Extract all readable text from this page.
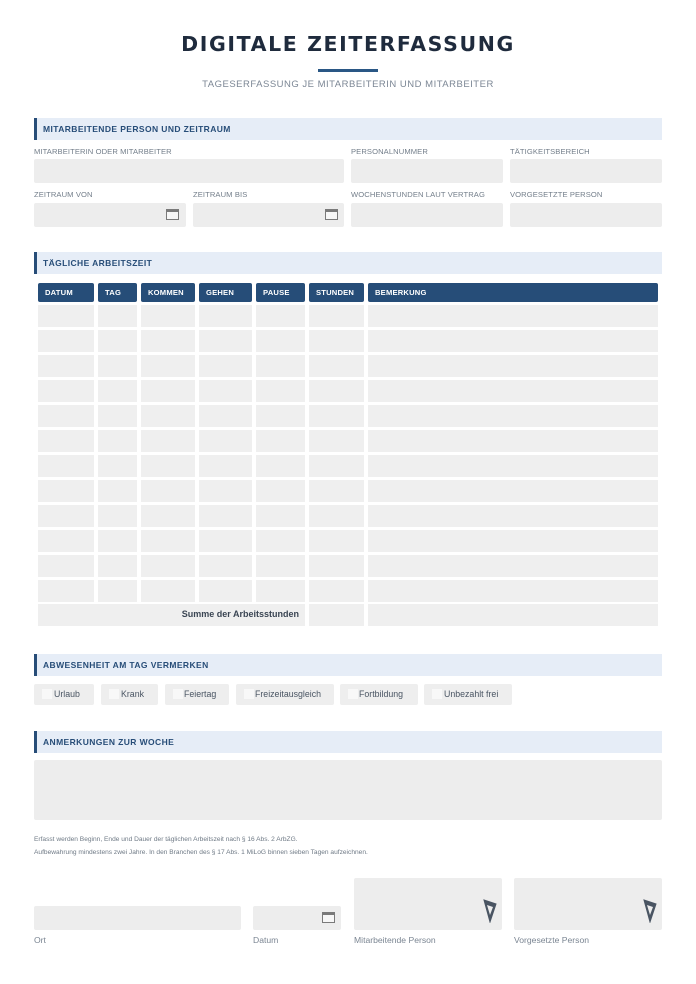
DIGITALE ZEITERFASSUNG
TAGESERFASSUNG JE MITARBEITERIN UND MITARBEITER
MITARBEITENDE PERSON UND ZEITRAUM
MITARBEITERIN ODER MITARBEITER	PERSONALNUMMER	TÄTIGKEITSBEREICH
ZEITRAUM VON	ZEITRAUM BIS	WOCHENSTUNDEN LAUT VERTRAG	VORGESETZTE PERSON
TÄGLICHE ARBEITSZEIT
DATUM	TAG	KOMMEN	GEHEN	PAUSE	STUNDEN	BEMERKUNG
Summe der Arbeitsstunden
ABWESENHEIT AM TAG VERMERKEN
Urlaub	Krank	Feiertag	Freizeitausgleich	Fortbildung	Unbezahlt frei
ANMERKUNGEN ZUR WOCHE
Erfasst werden Beginn, Ende und Dauer der täglichen Arbeitszeit nach § 16 Abs. 2 ArbZG.
Aufbewahrung mindestens zwei Jahre. In den Branchen des § 17 Abs. 1 MiLoG binnen sieben Tagen aufzeichnen.
Ort	Datum	Mitarbeitende Person	Vorgesetzte Person
